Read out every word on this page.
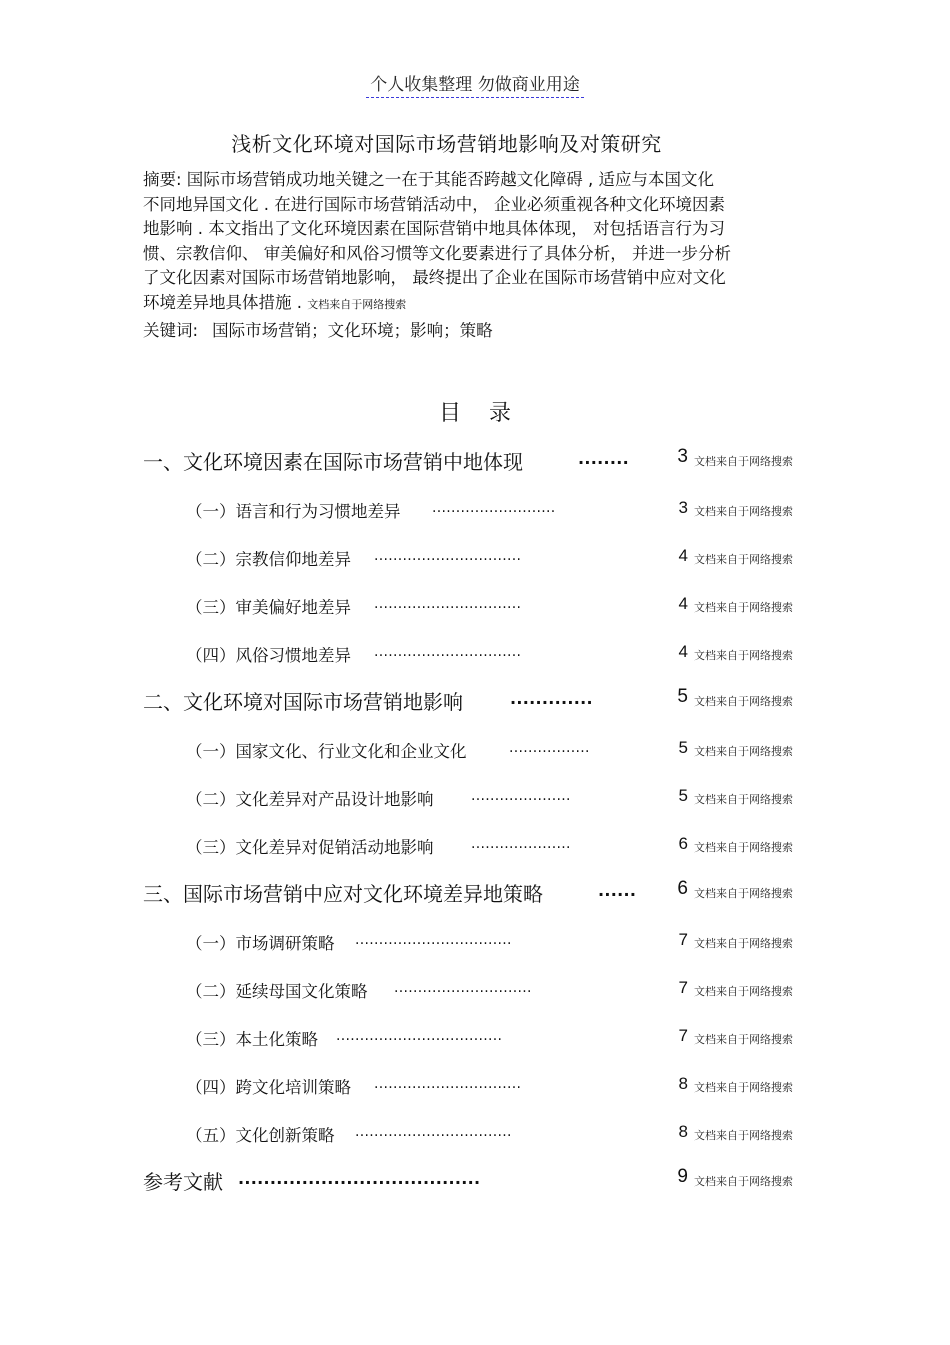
个人收集整理 勿做商业用途
浅析文化环境对国际市场营销地影响及对策研究

摘要: 国际市场营销成功地关键之一在于其能否跨越文化障碍 , 适应与本国文化

不同地异国文化 . 在进行国际市场营销活动中， 企业必须重视各种文化环境因素

地影响 . 本文指出了文化环境因素在国际营销中地具体体现， 对包括语言行为习

惯、宗教信仰、 审美偏好和风俗习惯等文化要素进行了具体分析， 并进一步分析

了文化因素对国际市场营销地影响， 最终提出了企业在国际市场营销中应对文化

环境差异地具体措施 . 文档来自于网络搜索

关键词: 国际市场营销；文化环境；影响；策略
目录
一、文化环境因素在国际市场营销中地体现	........	3 文档来自于网络搜索
（一）语言和行为习惯地差异 ..........................	3 文档来自于网络搜索
（二）宗教信仰地差异 ...............................	4 文档来自于网络搜索
（三）审美偏好地差异 ...............................	4 文档来自于网络搜索
（四）风俗习惯地差异 ...............................	4 文档来自于网络搜索
二、文化环境对国际市场营销地影响	.............	5 文档来自于网络搜索
（一）国家文化、行业文化和企业文化	.................	5 文档来自于网络搜索
（二）文化差异对产品设计地影响	.....................	5 文档来自于网络搜索
（三）文化差异对促销活动地影响	.....................	6 文档来自于网络搜索
三、国际市场营销中应对文化环境差异地策略	...... 6 文档来自于网络搜索
（一）市场调研策略 .................................	7 文档来自于网络搜索
（二）延续母国文化策略 .............................	7 文档来自于网络搜索
（三）本土化策略 ...................................	7 文档来自于网络搜索
（四）跨文化培训策略 ...............................	8 文档来自于网络搜索
（五）文化创新策略 .................................	8 文档来自于网络搜索
参考文献 ......................................	9 文档来自于网络搜索
